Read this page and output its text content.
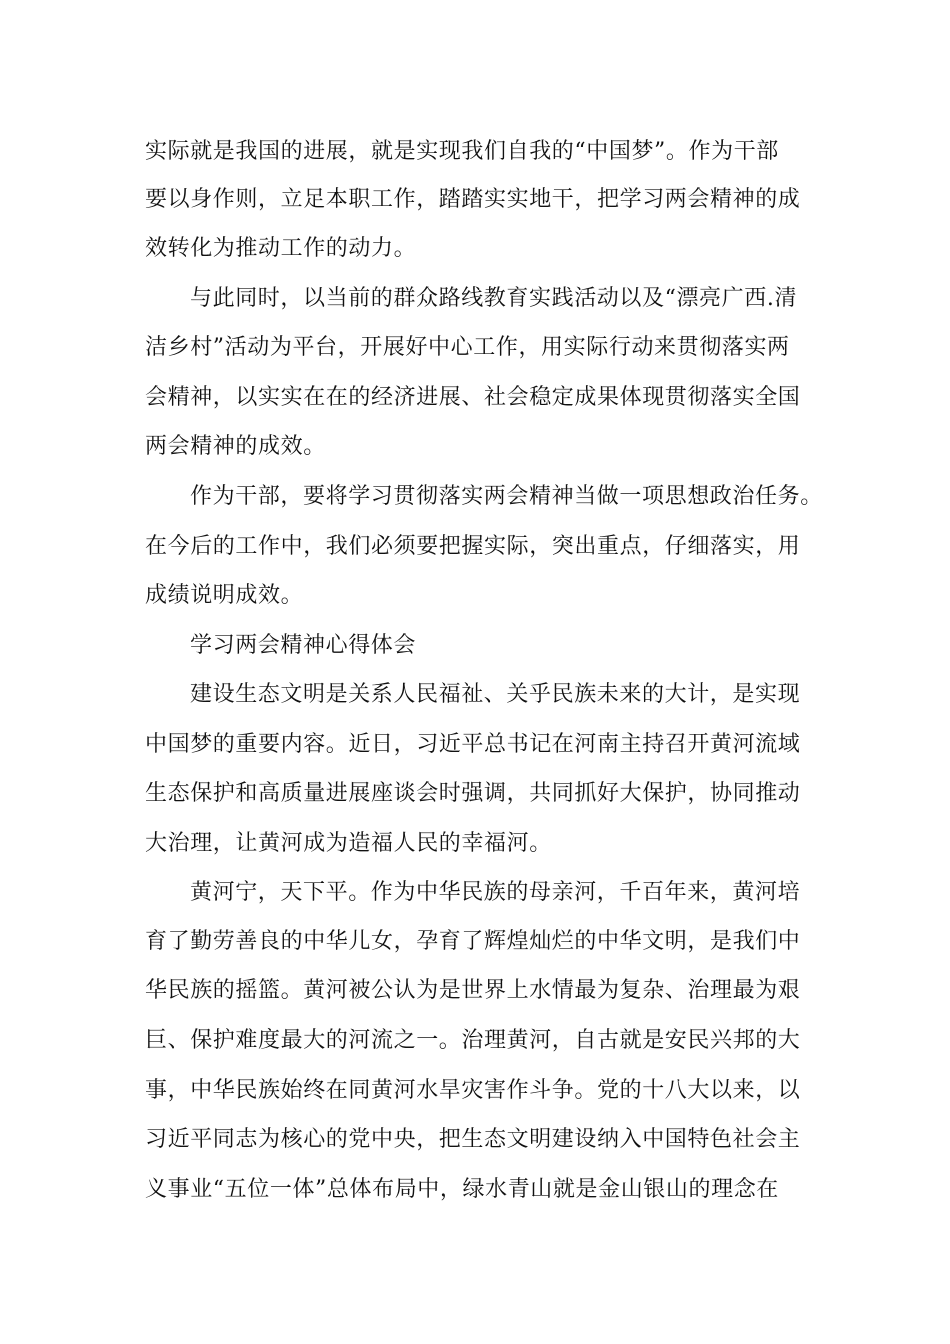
实际就是我国的进展，就是实现我们自我的“中国梦”。作为干部
要以身作则，立足本职工作，踏踏实实地干，把学习两会精神的成
效转化为推动工作的动力。
与此同时，以当前的群众路线教育实践活动以及“漂亮广西.清
洁乡村”活动为平台，开展好中心工作，用实际行动来贯彻落实两
会精神，以实实在在的经济进展、社会稳定成果体现贯彻落实全国
两会精神的成效。
作为干部，要将学习贯彻落实两会精神当做一项思想政治任务。
在今后的工作中，我们必须要把握实际，突出重点，仔细落实，用
成绩说明成效。
学习两会精神心得体会
建设生态文明是关系人民福祉、关乎民族未来的大计，是实现
中国梦的重要内容。近日，习近平总书记在河南主持召开黄河流域
生态保护和高质量进展座谈会时强调，共同抓好大保护，协同推动
大治理，让黄河成为造福人民的幸福河。
黄河宁，天下平。作为中华民族的母亲河，千百年来，黄河培
育了勤劳善良的中华儿女，孕育了辉煌灿烂的中华文明，是我们中
华民族的摇篮。黄河被公认为是世界上水情最为复杂、治理最为艰
巨、保护难度最大的河流之一。治理黄河，自古就是安民兴邦的大
事，中华民族始终在同黄河水旱灾害作斗争。党的十八大以来，以
习近平同志为核心的党中央，把生态文明建设纳入中国特色社会主
义事业“五位一体”总体布局中，绿水青山就是金山银山的理念在
